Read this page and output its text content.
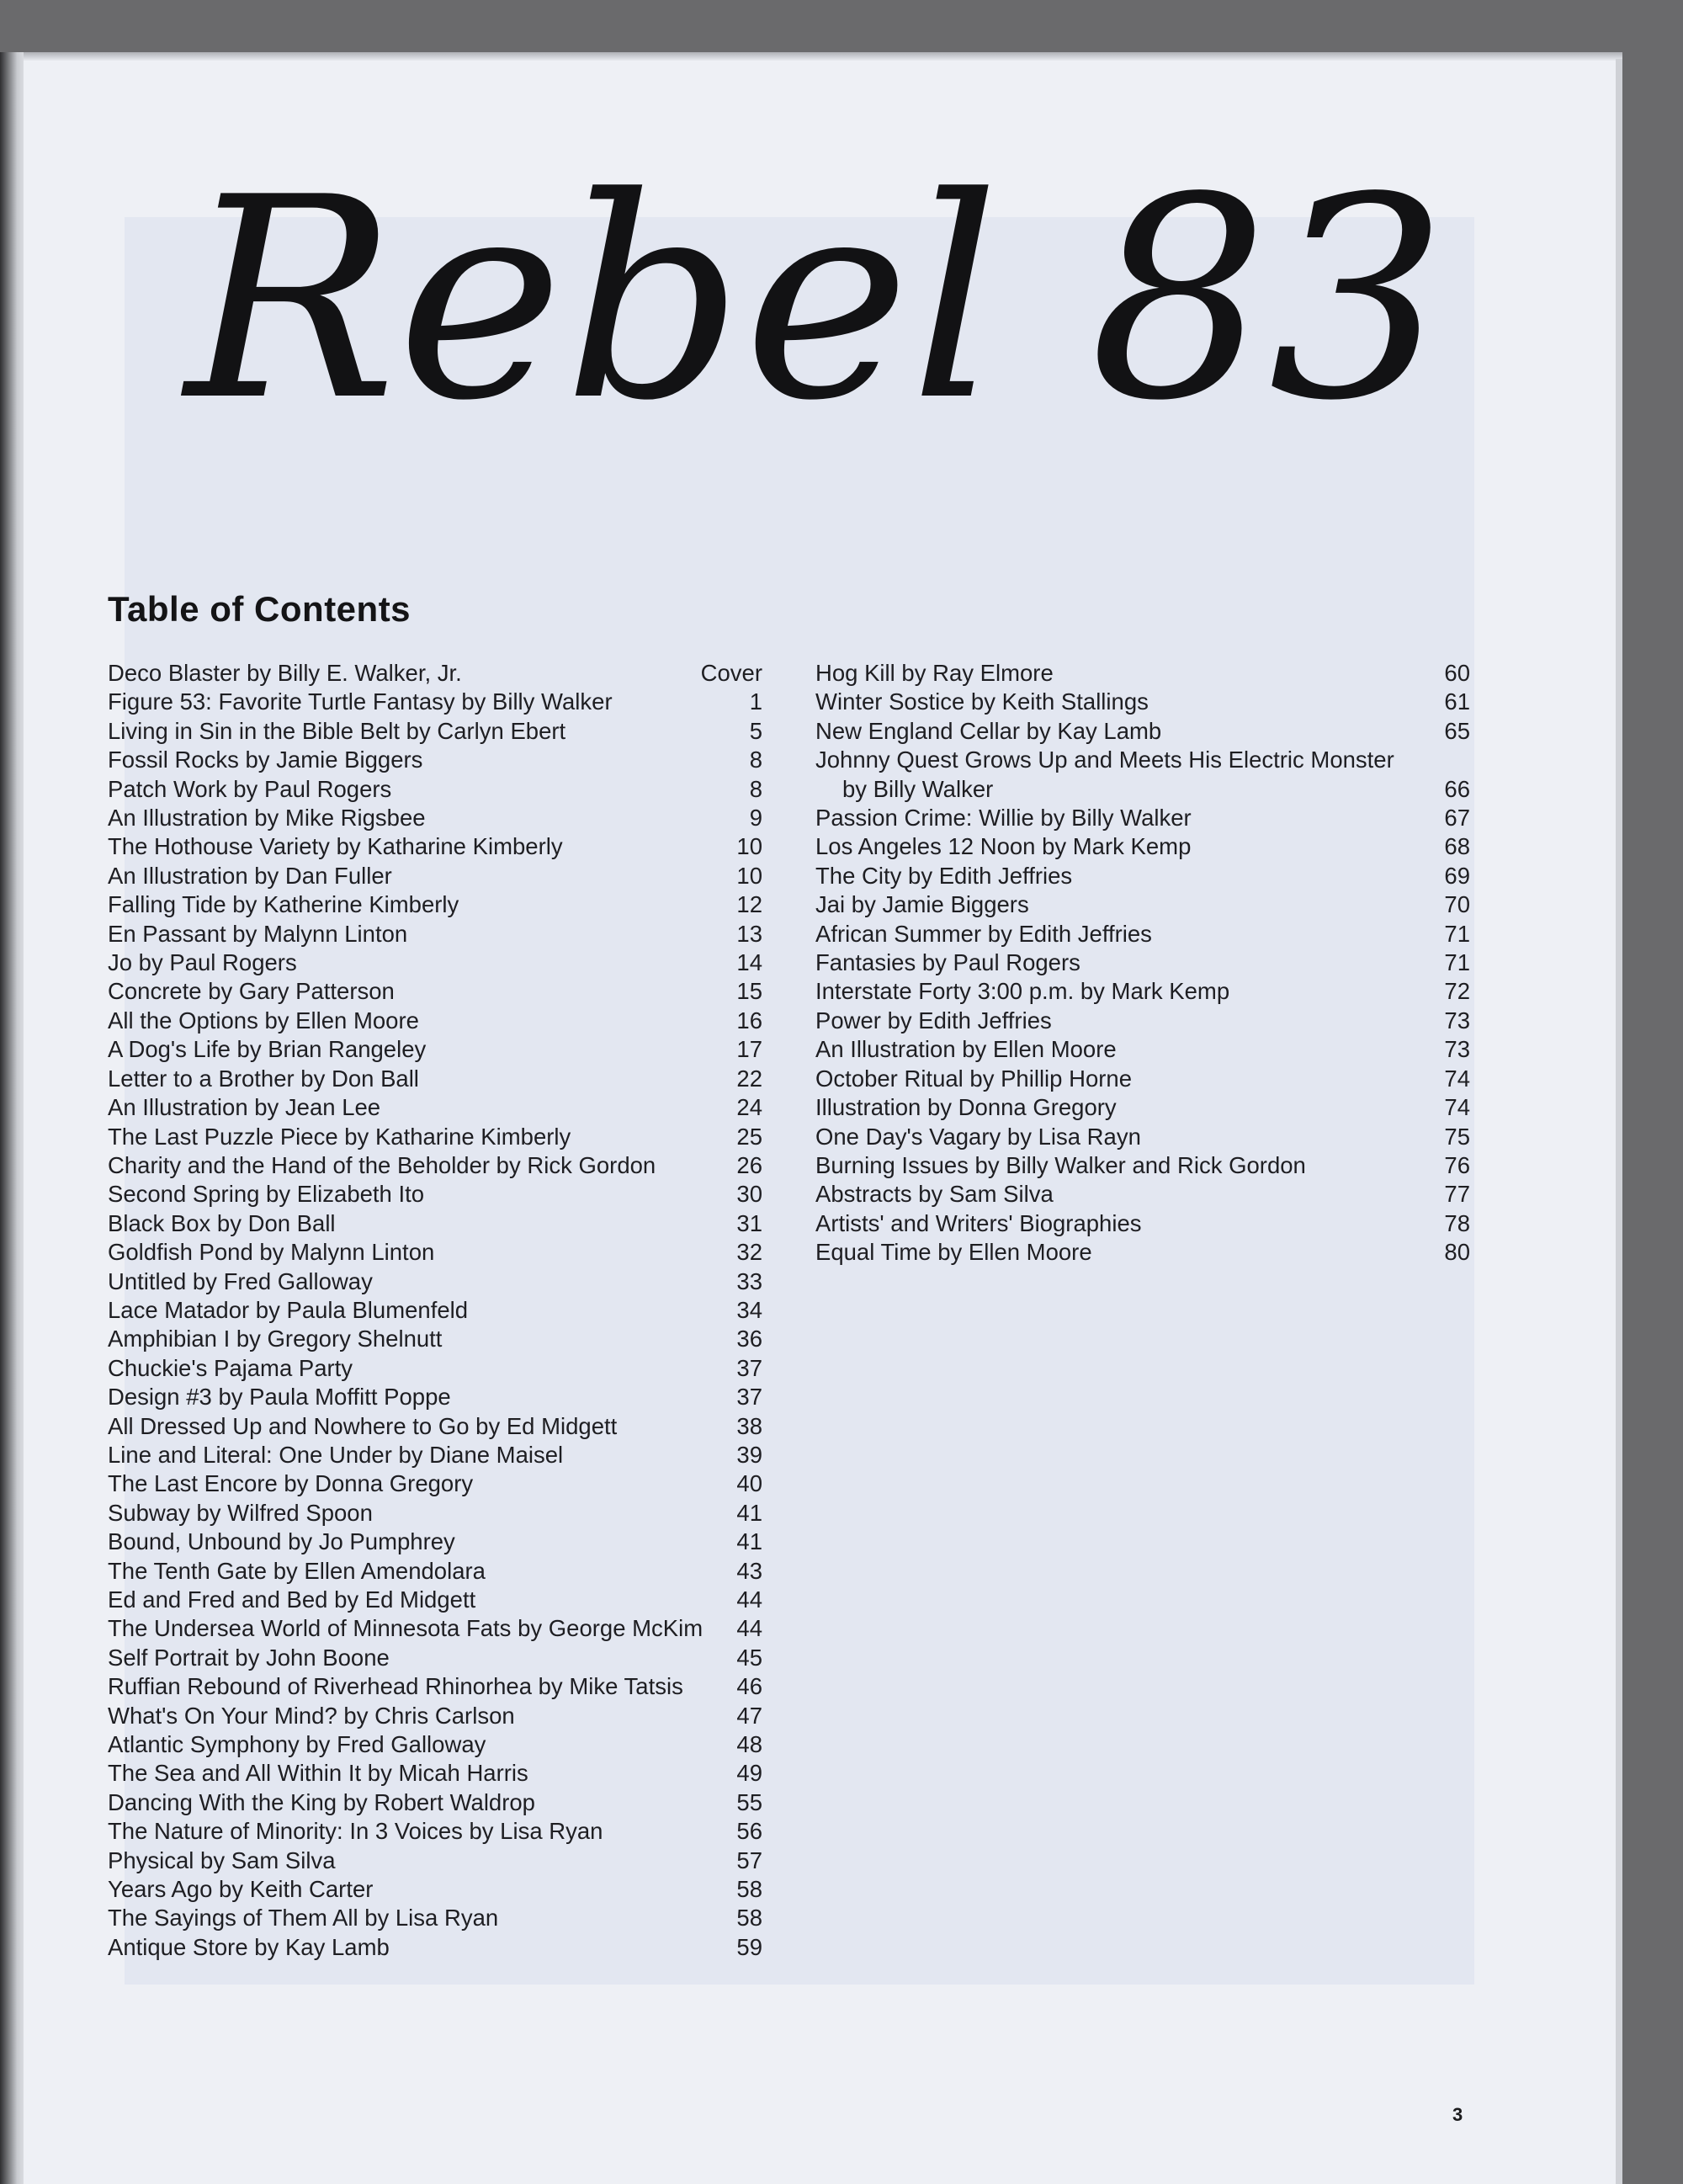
Rebel 83
Table of Contents
Deco Blaster by Billy E. Walker, Jr.	Cover
Figure 53: Favorite Turtle Fantasy by Billy Walker	1
Living in Sin in the Bible Belt by Carlyn Ebert	5
Fossil Rocks by Jamie Biggers	8
Patch Work by Paul Rogers	8
An Illustration by Mike Rigsbee	9
The Hothouse Variety by Katharine Kimberly	10
An Illustration by Dan Fuller	10
Falling Tide by Katherine Kimberly	12
En Passant by Malynn Linton	13
Jo by Paul Rogers	14
Concrete by Gary Patterson	15
All the Options by Ellen Moore	16
A Dog's Life by Brian Rangeley	17
Letter to a Brother by Don Ball	22
An Illustration by Jean Lee	24
The Last Puzzle Piece by Katharine Kimberly	25
Charity and the Hand of the Beholder by Rick Gordon	26
Second Spring by Elizabeth Ito	30
Black Box by Don Ball	31
Goldfish Pond by Malynn Linton	32
Untitled by Fred Galloway	33
Lace Matador by Paula Blumenfeld	34
Amphibian I by Gregory Shelnutt	36
Chuckie's Pajama Party	37
Design #3 by Paula Moffitt Poppe	37
All Dressed Up and Nowhere to Go by Ed Midgett	38
Line and Literal: One Under by Diane Maisel	39
The Last Encore by Donna Gregory	40
Subway by Wilfred Spoon	41
Bound, Unbound by Jo Pumphrey	41
The Tenth Gate by Ellen Amendolara	43
Ed and Fred and Bed by Ed Midgett	44
The Undersea World of Minnesota Fats by George McKim	44
Self Portrait by John Boone	45
Ruffian Rebound of Riverhead Rhinorhea by Mike Tatsis	46
What's On Your Mind? by Chris Carlson	47
Atlantic Symphony by Fred Galloway	48
The Sea and All Within It by Micah Harris	49
Dancing With the King by Robert Waldrop	55
The Nature of Minority: In 3 Voices by Lisa Ryan	56
Physical by Sam Silva	57
Years Ago by Keith Carter	58
The Sayings of Them All by Lisa Ryan	58
Antique Store by Kay Lamb	59
Hog Kill by Ray Elmore	60
Winter Sostice by Keith Stallings	61
New England Cellar by Kay Lamb	65
Johnny Quest Grows Up and Meets His Electric Monster
by Billy Walker	66
Passion Crime: Willie by Billy Walker	67
Los Angeles 12 Noon by Mark Kemp	68
The City by Edith Jeffries	69
Jai by Jamie Biggers	70
African Summer by Edith Jeffries	71
Fantasies by Paul Rogers	71
Interstate Forty 3:00 p.m. by Mark Kemp	72
Power by Edith Jeffries	73
An Illustration by Ellen Moore	73
October Ritual by Phillip Horne	74
Illustration by Donna Gregory	74
One Day's Vagary by Lisa Rayn	75
Burning Issues by Billy Walker and Rick Gordon	76
Abstracts by Sam Silva	77
Artists' and Writers' Biographies	78
Equal Time by Ellen Moore	80
3
